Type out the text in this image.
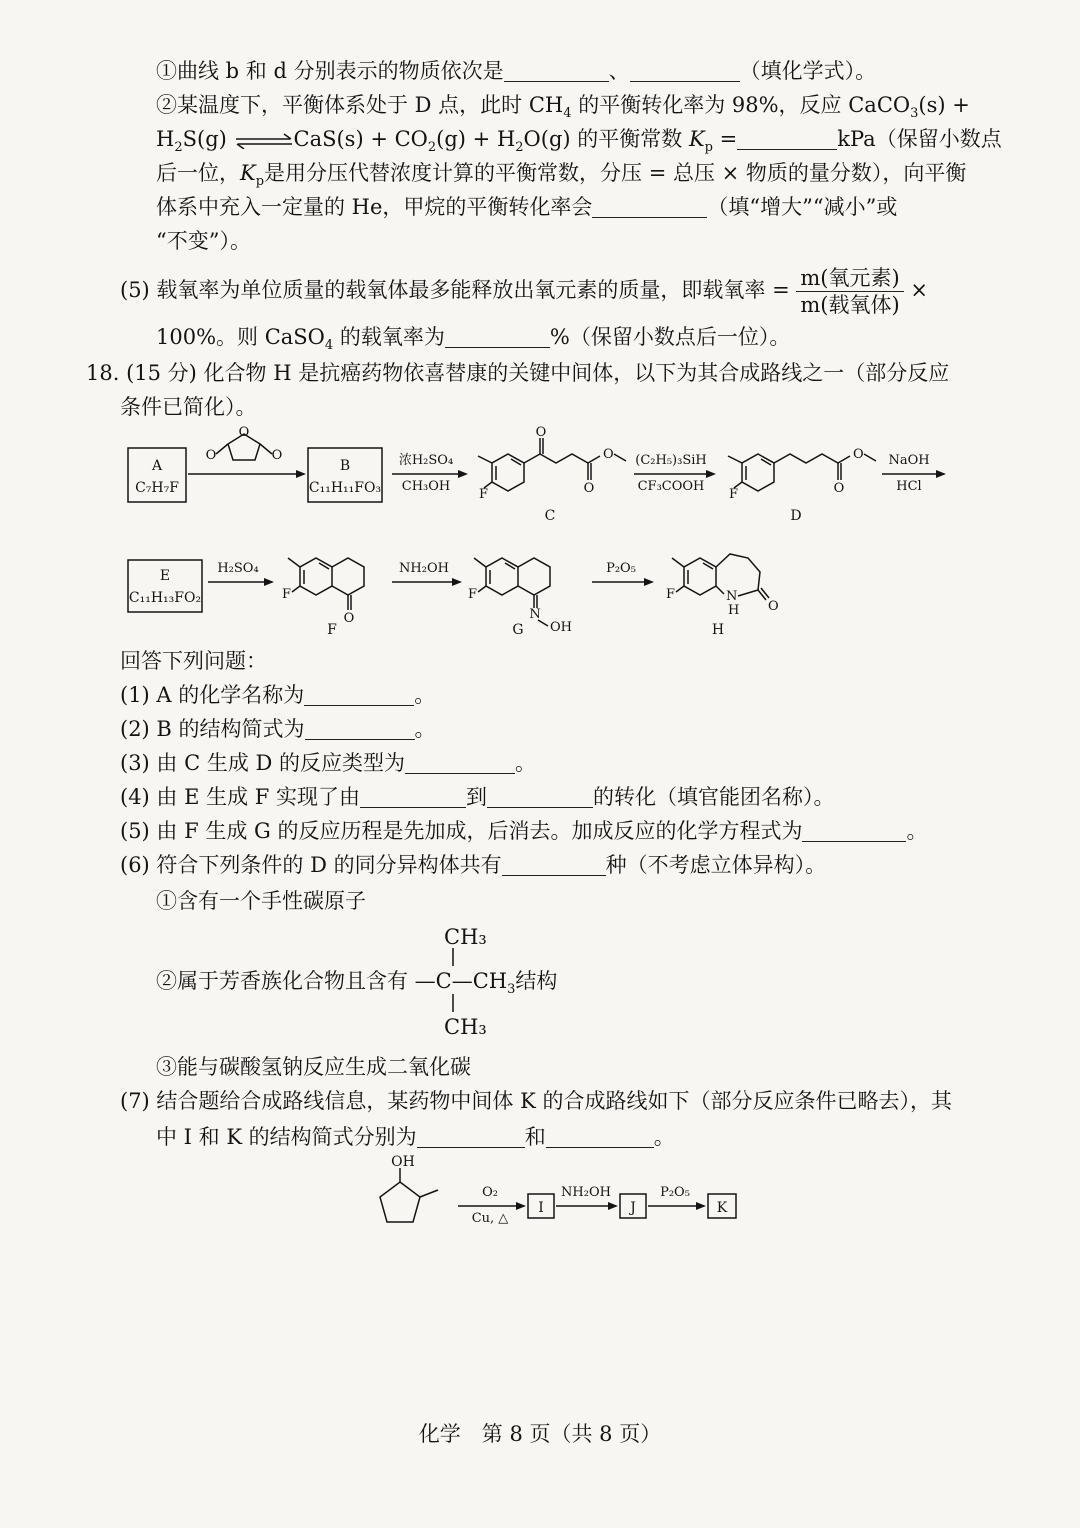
①曲线 b 和 d 分别表示的物质依次是	、	（填化学式）。
②某温度下，平衡体系处于 D 点，此时 $CH_4$ 的平衡转化率为 98%，反应 CaCO$_3$(s) +
$H_2S(g)$ ⇌CaS(s) + $CO_2(g) + H_2O(g)$ 的平衡常数 $K_p$ =	kPa（保留小数点
后一位，$K_p$是用分压代替浓度计算的平衡常数，分压 = 总压 × 物质的量分数），向平衡
体系中充入一定量的 He，甲烷的平衡转化率会	（填“增大”“减小”或
“不变”）。
(5) 载氧率为单位质量的载氧体最多能释放出氧元素的质量，即载氧率 = $\frac{\text{m(氧元素)}}{\text{m(载氧体)}}$ ×
100%。则 CaSO$_4$ 的载氧率为	%（保留小数点后一位）。
18. (15 分) 化合物 H 是抗癌药物依喜替康的关键中间体，以下为其合成路线之一（部分反应
条件已简化）。
A
C₇H₇F
O
O	O
B
C₁₁H₁₁FO₃
浓H₂SO₄
CH₃OH
F
O
O
O
C
(C₂H₅)₃SiH
CF₃COOH
F	O
O
D
NaOH
HCl
E
C₁₁H₁₃FO₂
H₂SO₄
O
F
F
NH₂OH
N
OH
F
G
P₂O₅
N
H O
F
H
回答下列问题：
(1) A 的化学名称为	。
(2) B 的结构简式为	。
(3) 由 C 生成 D 的反应类型为	。
(4) 由 E 生成 F 实现了由	到	的转化（填官能团名称）。
(5) 由 F 生成 G 的反应历程是先加成，后消去。加成反应的化学方程式为	。
(6) 符合下列条件的 D 的同分异构体共有	种（不考虑立体异构）。
①含有一个手性碳原子
CH₃
②属于芳香族化合物且含有 $—C—CH_3$结构
CH₃
③能与碳酸氢钠反应生成二氧化碳
(7) 结合题给合成路线信息，某药物中间体 K 的合成路线如下（部分反应条件已略去），其
中 I 和 K 的结构简式分别为	和	。
OH
O₂
Cu, △
I
NH₂OH
J
P₂O₅
K
化学　第 8 页（共 8 页）
